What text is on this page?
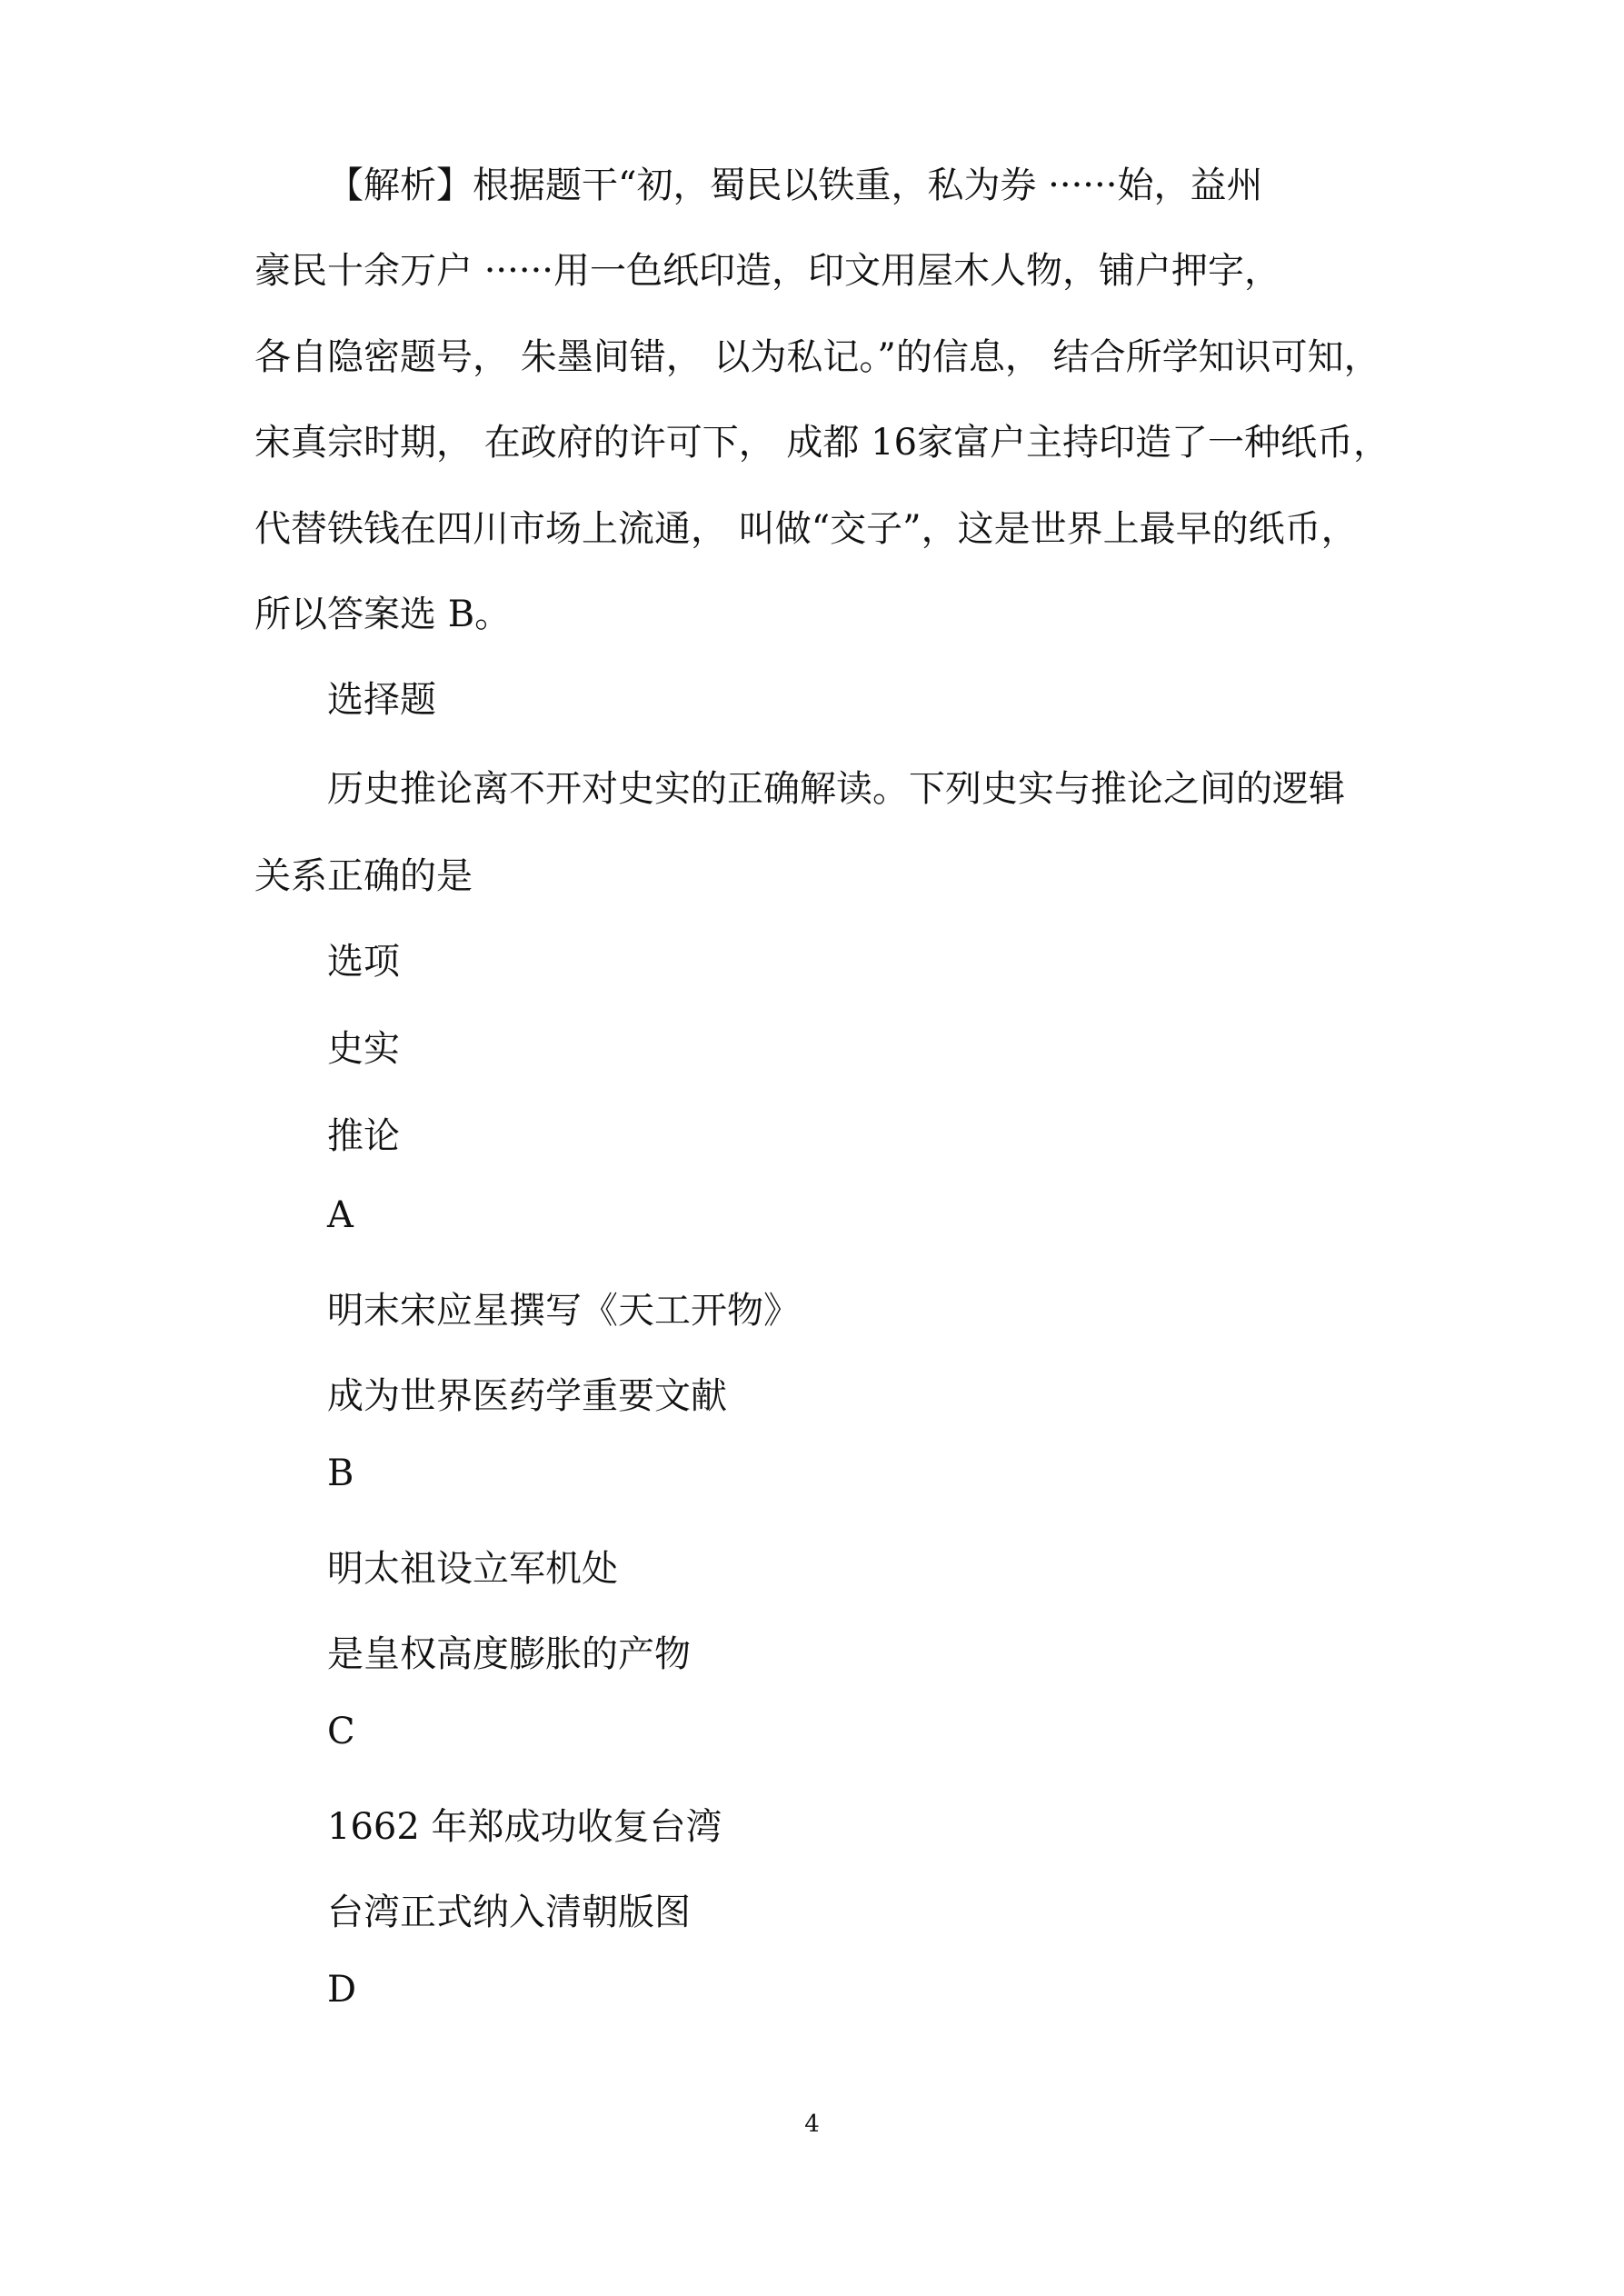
【解析】根据题干“初，蜀民以铁重，私为券 ······始，益州
豪民十余万户 ······用一色纸印造，印文用屋木人物，铺户押字，
各自隐密题号， 朱墨间错， 以为私记。”的信息， 结合所学知识可知，
宋真宗时期， 在政府的许可下， 成都 16家富户主持印造了一种纸币，
代替铁钱在四川市场上流通， 叫做“交子”，这是世界上最早的纸币，
所以答案选 B。
选择题
历史推论离不开对史实的正确解读。下列史实与推论之间的逻辑
关系正确的是
选项
史实
推论
A
明末宋应星撰写《天工开物》
成为世界医药学重要文献
B
明太祖设立军机处
是皇权高度膨胀的产物
C
1662 年郑成功收复台湾
台湾正式纳入清朝版图
D
4
